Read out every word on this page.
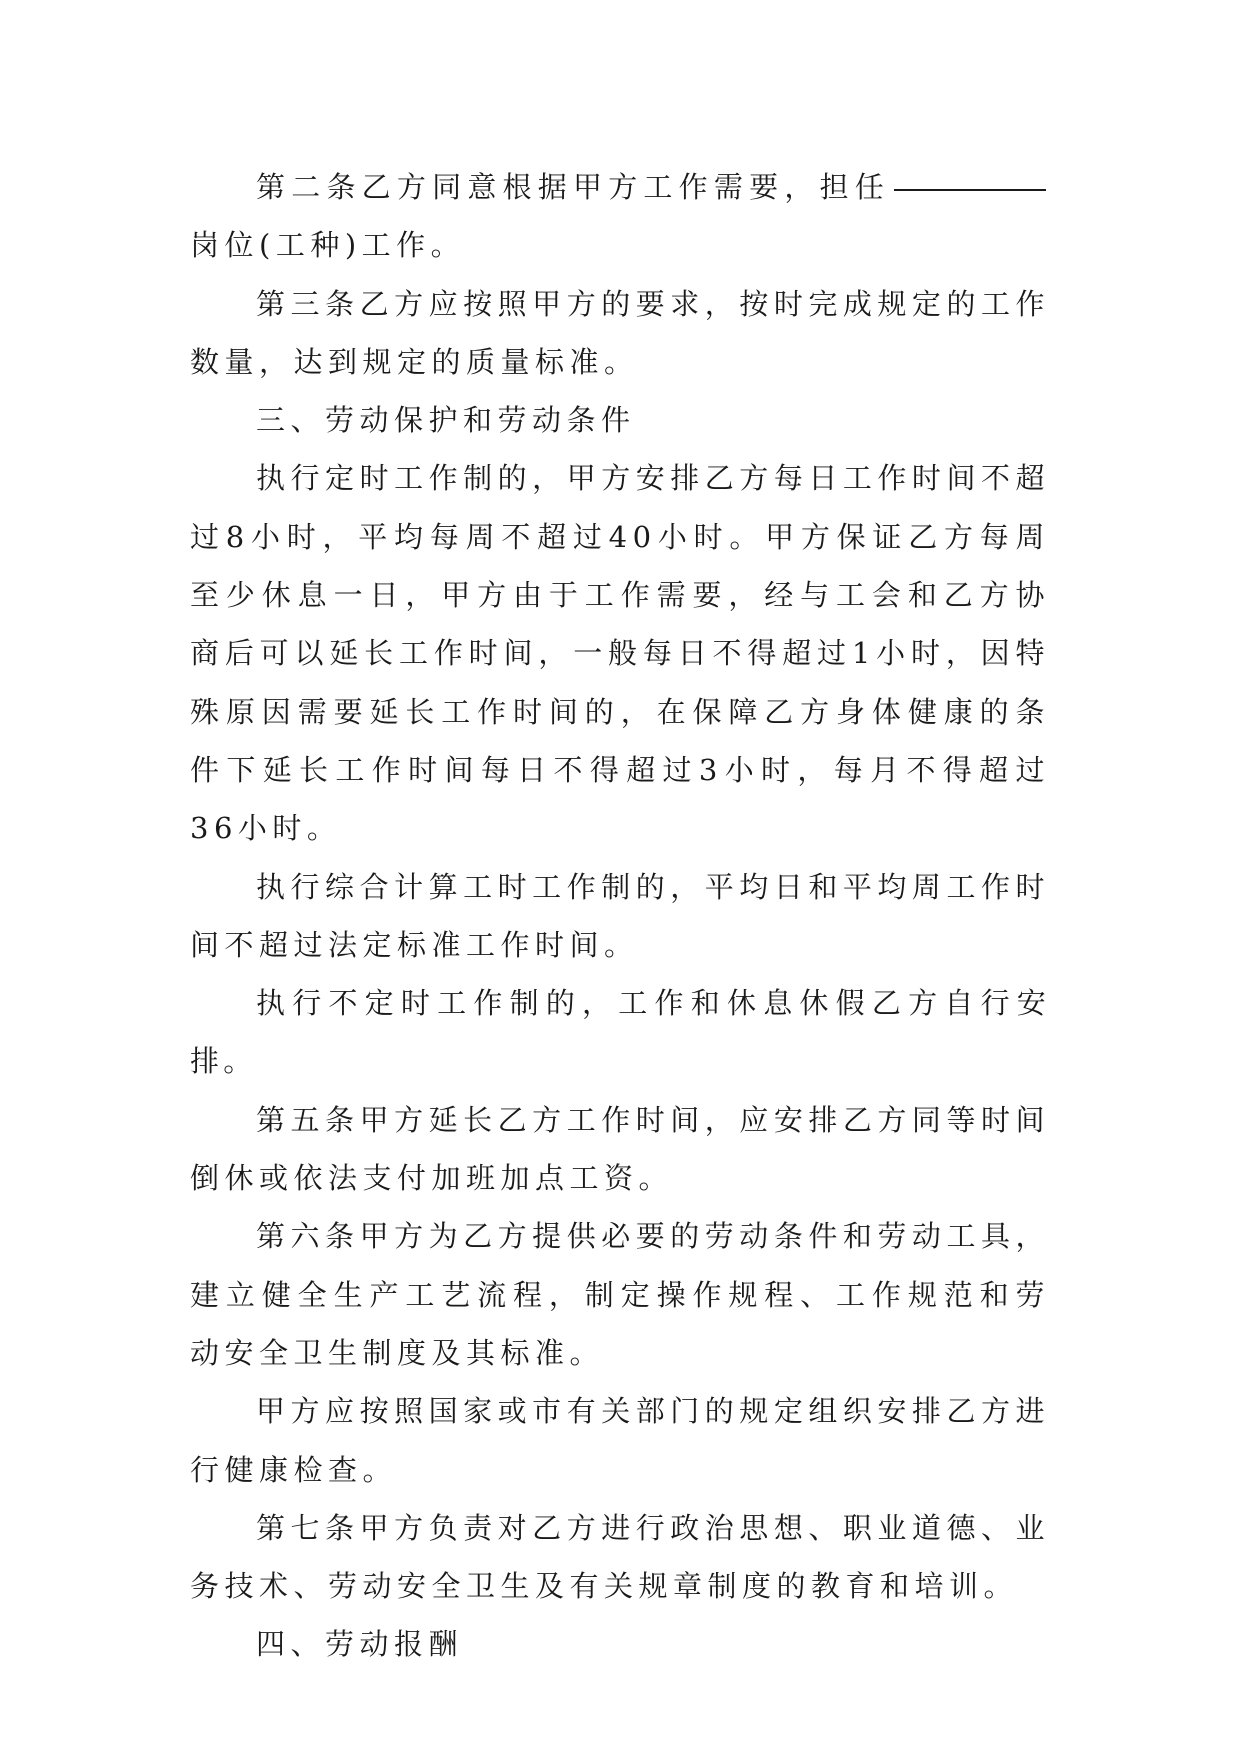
第二条乙方同意根据甲方工作需要，担任岗位(工种)工作。

第三条乙方应按照甲方的要求，按时完成规定的工作数量，达到规定的质量标准。

三、劳动保护和劳动条件

执行定时工作制的，甲方安排乙方每日工作时间不超过8小时，平均每周不超过40小时。甲方保证乙方每周至少休息一日，甲方由于工作需要，经与工会和乙方协商后可以延长工作时间，一般每日不得超过1小时，因特殊原因需要延长工作时间的，在保障乙方身体健康的条件下延长工作时间每日不得超过3小时，每月不得超过36小时。

执行综合计算工时工作制的，平均日和平均周工作时间不超过法定标准工作时间。

执行不定时工作制的，工作和休息休假乙方自行安排。

第五条甲方延长乙方工作时间，应安排乙方同等时间倒休或依法支付加班加点工资。

第六条甲方为乙方提供必要的劳动条件和劳动工具，建立健全生产工艺流程，制定操作规程、工作规范和劳动安全卫生制度及其标准。

甲方应按照国家或市有关部门的规定组织安排乙方进行健康检查。

第七条甲方负责对乙方进行政治思想、职业道德、业务技术、劳动安全卫生及有关规章制度的教育和培训。

四、劳动报酬
